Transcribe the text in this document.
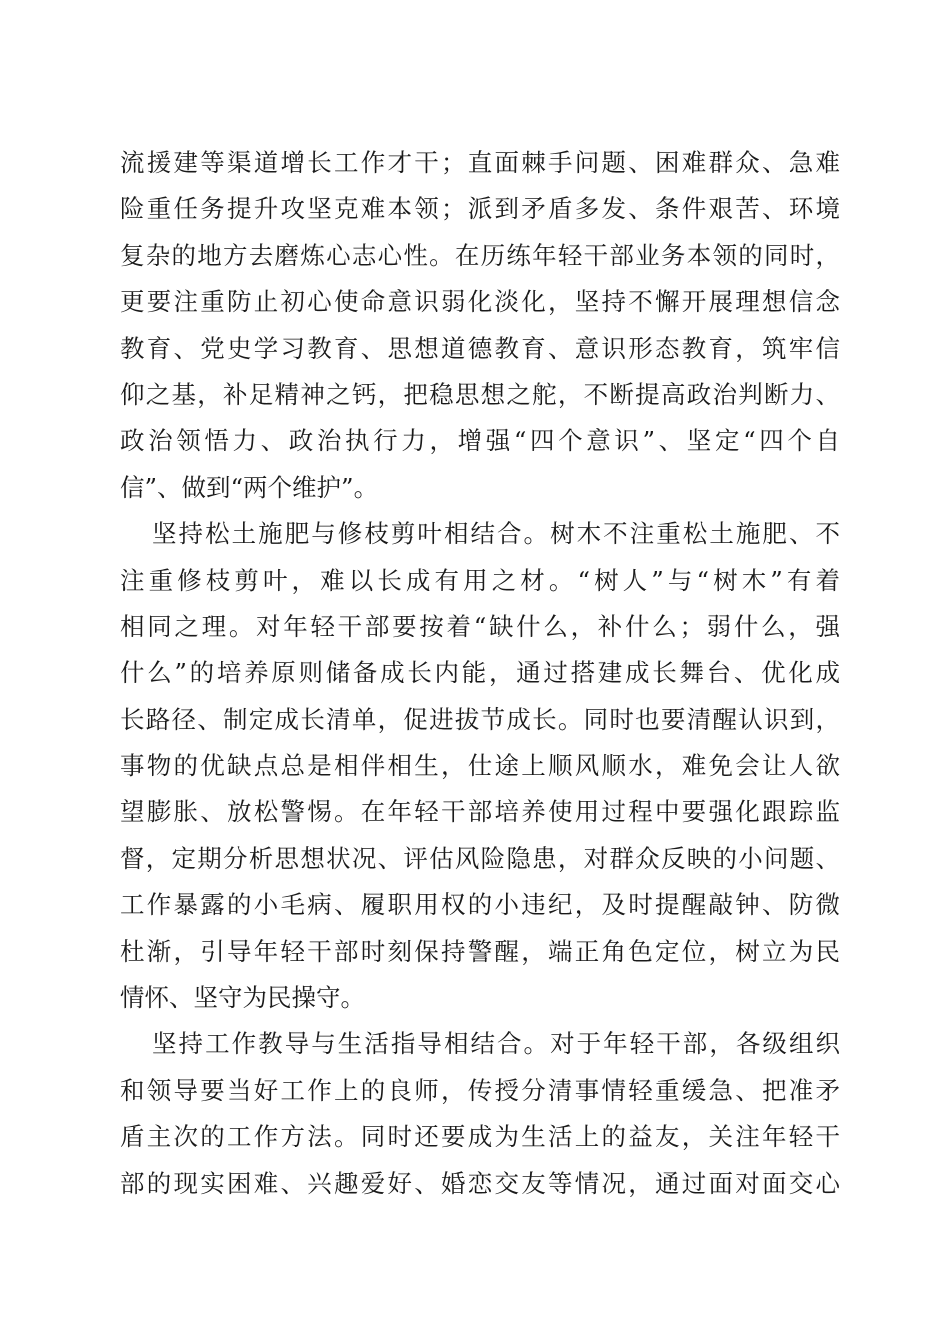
流援建等渠道增长工作才干；直面棘手问题、困难群众、急难
险重任务提升攻坚克难本领；派到矛盾多发、条件艰苦、环境
复杂的地方去磨炼心志心性。在历练年轻干部业务本领的同时，
更要注重防止初心使命意识弱化淡化，坚持不懈开展理想信念
教育、党史学习教育、思想道德教育、意识形态教育，筑牢信
仰之基，补足精神之钙，把稳思想之舵，不断提高政治判断力、
政治领悟力、政治执行力，增强“四个意识”、坚定“四个自
信”、做到“两个维护”。
坚持松土施肥与修枝剪叶相结合。树木不注重松土施肥、不
注重修枝剪叶，难以长成有用之材。“树人”与“树木”有着
相同之理。对年轻干部要按着“缺什么，补什么；弱什么，强
什么”的培养原则储备成长内能，通过搭建成长舞台、优化成
长路径、制定成长清单，促进拔节成长。同时也要清醒认识到，
事物的优缺点总是相伴相生，仕途上顺风顺水，难免会让人欲
望膨胀、放松警惕。在年轻干部培养使用过程中要强化跟踪监
督，定期分析思想状况、评估风险隐患，对群众反映的小问题、
工作暴露的小毛病、履职用权的小违纪，及时提醒敲钟、防微
杜渐，引导年轻干部时刻保持警醒，端正角色定位，树立为民
情怀、坚守为民操守。
坚持工作教导与生活指导相结合。对于年轻干部，各级组织
和领导要当好工作上的良师，传授分清事情轻重缓急、把准矛
盾主次的工作方法。同时还要成为生活上的益友，关注年轻干
部的现实困难、兴趣爱好、婚恋交友等情况，通过面对面交心
